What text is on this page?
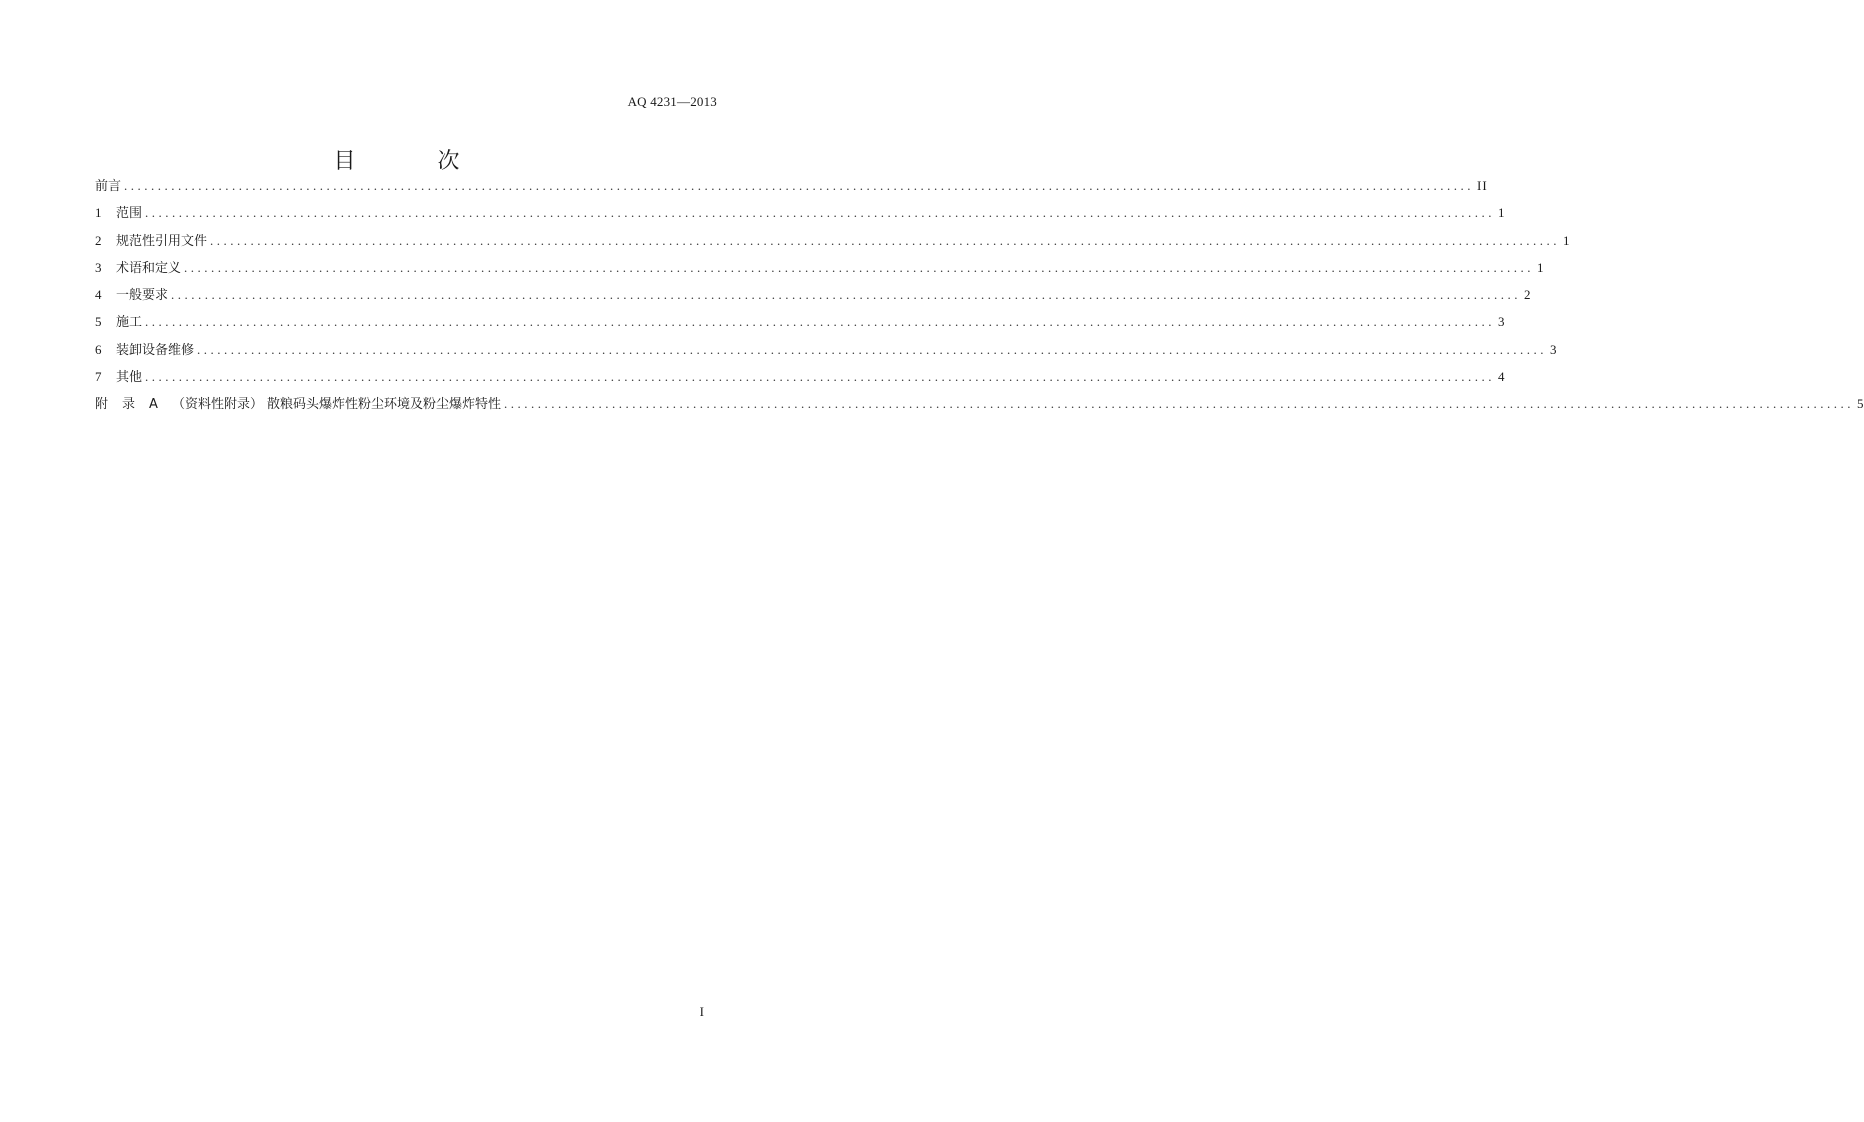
AQ 4231—2013
目　次
前言 ........................................................................................................................................................................................................ II
1	范围 ........................................................................................................................................................................................................ 1
2	规范性引用文件 ........................................................................................................................................................................................................ 1
3	术语和定义 ........................................................................................................................................................................................................ 1
4	一般要求 ........................................................................................................................................................................................................ 2
5	施工 ........................................................................................................................................................................................................ 3
6	装卸设备维修 ........................................................................................................................................................................................................ 3
7	其他 ........................................................................................................................................................................................................ 4
附 录 A （资料性附录） 散粮码头爆炸性粉尘环境及粉尘爆炸特性 ........................................................................................................................................................................................................ 5
I
